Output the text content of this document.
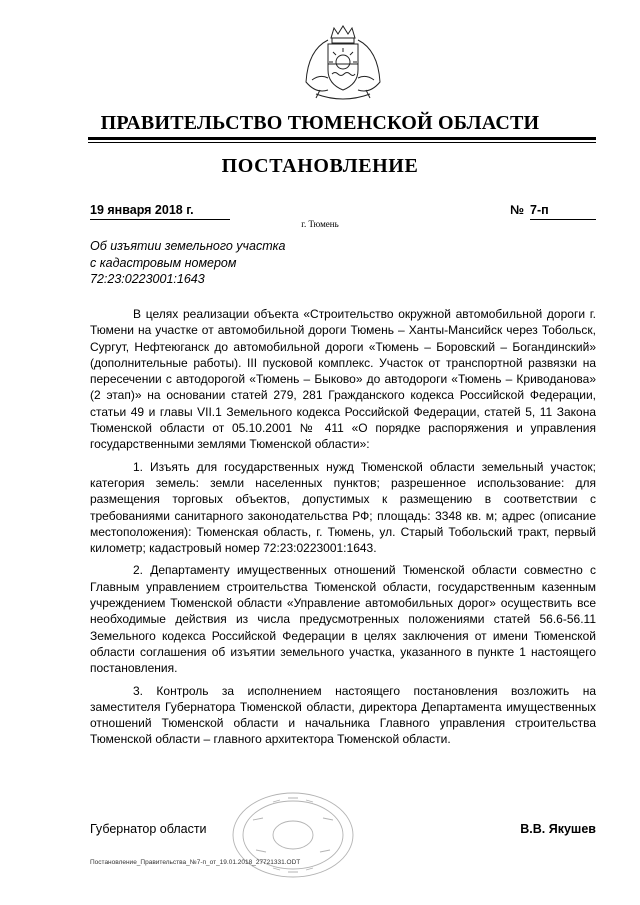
ПРАВИТЕЛЬСТВО ТЮМЕНСКОЙ ОБЛАСТИ
ПОСТАНОВЛЕНИЕ
19 января 2018 г.	№ 7-п
г. Тюмень
Об изъятии земельного участка
с кадастровым номером
72:23:0223001:1643

В целях реализации объекта «Строительство окружной автомобильной дороги г. Тюмени на участке от автомобильной дороги Тюмень – Ханты-Мансийск через Тобольск, Сургут, Нефтеюганск до автомобильной дороги «Тюмень – Боровский – Богандинский» (дополнительные работы). III пусковой комплекс. Участок от транспортной развязки на пересечении с автодорогой «Тюмень – Быково» до автодороги «Тюмень – Криводанова» (2 этап)» на основании статей 279, 281 Гражданского кодекса Российской Федерации, статьи 49 и главы VII.1 Земельного кодекса Российской Федерации, статей 5, 11 Закона Тюменской области от 05.10.2001 № 411 «О порядке распоряжения и управления государственными землями Тюменской области»:

1. Изъять для государственных нужд Тюменской области земельный участок; категория земель: земли населенных пунктов; разрешенное использование: для размещения торговых объектов, допустимых к размещению в соответствии с требованиями санитарного законодательства РФ; площадь: 3348 кв. м; адрес (описание местоположения): Тюменская область, г. Тюмень, ул. Старый Тобольский тракт, первый километр; кадастровый номер 72:23:0223001:1643.

2. Департаменту имущественных отношений Тюменской области совместно с Главным управлением строительства Тюменской области, государственным казенным учреждением Тюменской области «Управление автомобильных дорог» осуществить все необходимые действия из числа предусмотренных положениями статей 56.6-56.11 Земельного кодекса Российской Федерации в целях заключения от имени Тюменской области соглашения об изъятии земельного участка, указанного в пункте 1 настоящего постановления.

3. Контроль за исполнением настоящего постановления возложить на заместителя Губернатора Тюменской области, директора Департамента имущественных отношений Тюменской области и начальника Главного управления строительства Тюменской области – главного архитектора Тюменской области.

Губернатор области	В.В. Якушев
Постановление_Правительства_№7-п_от_19.01.2018_27721331.ODT
